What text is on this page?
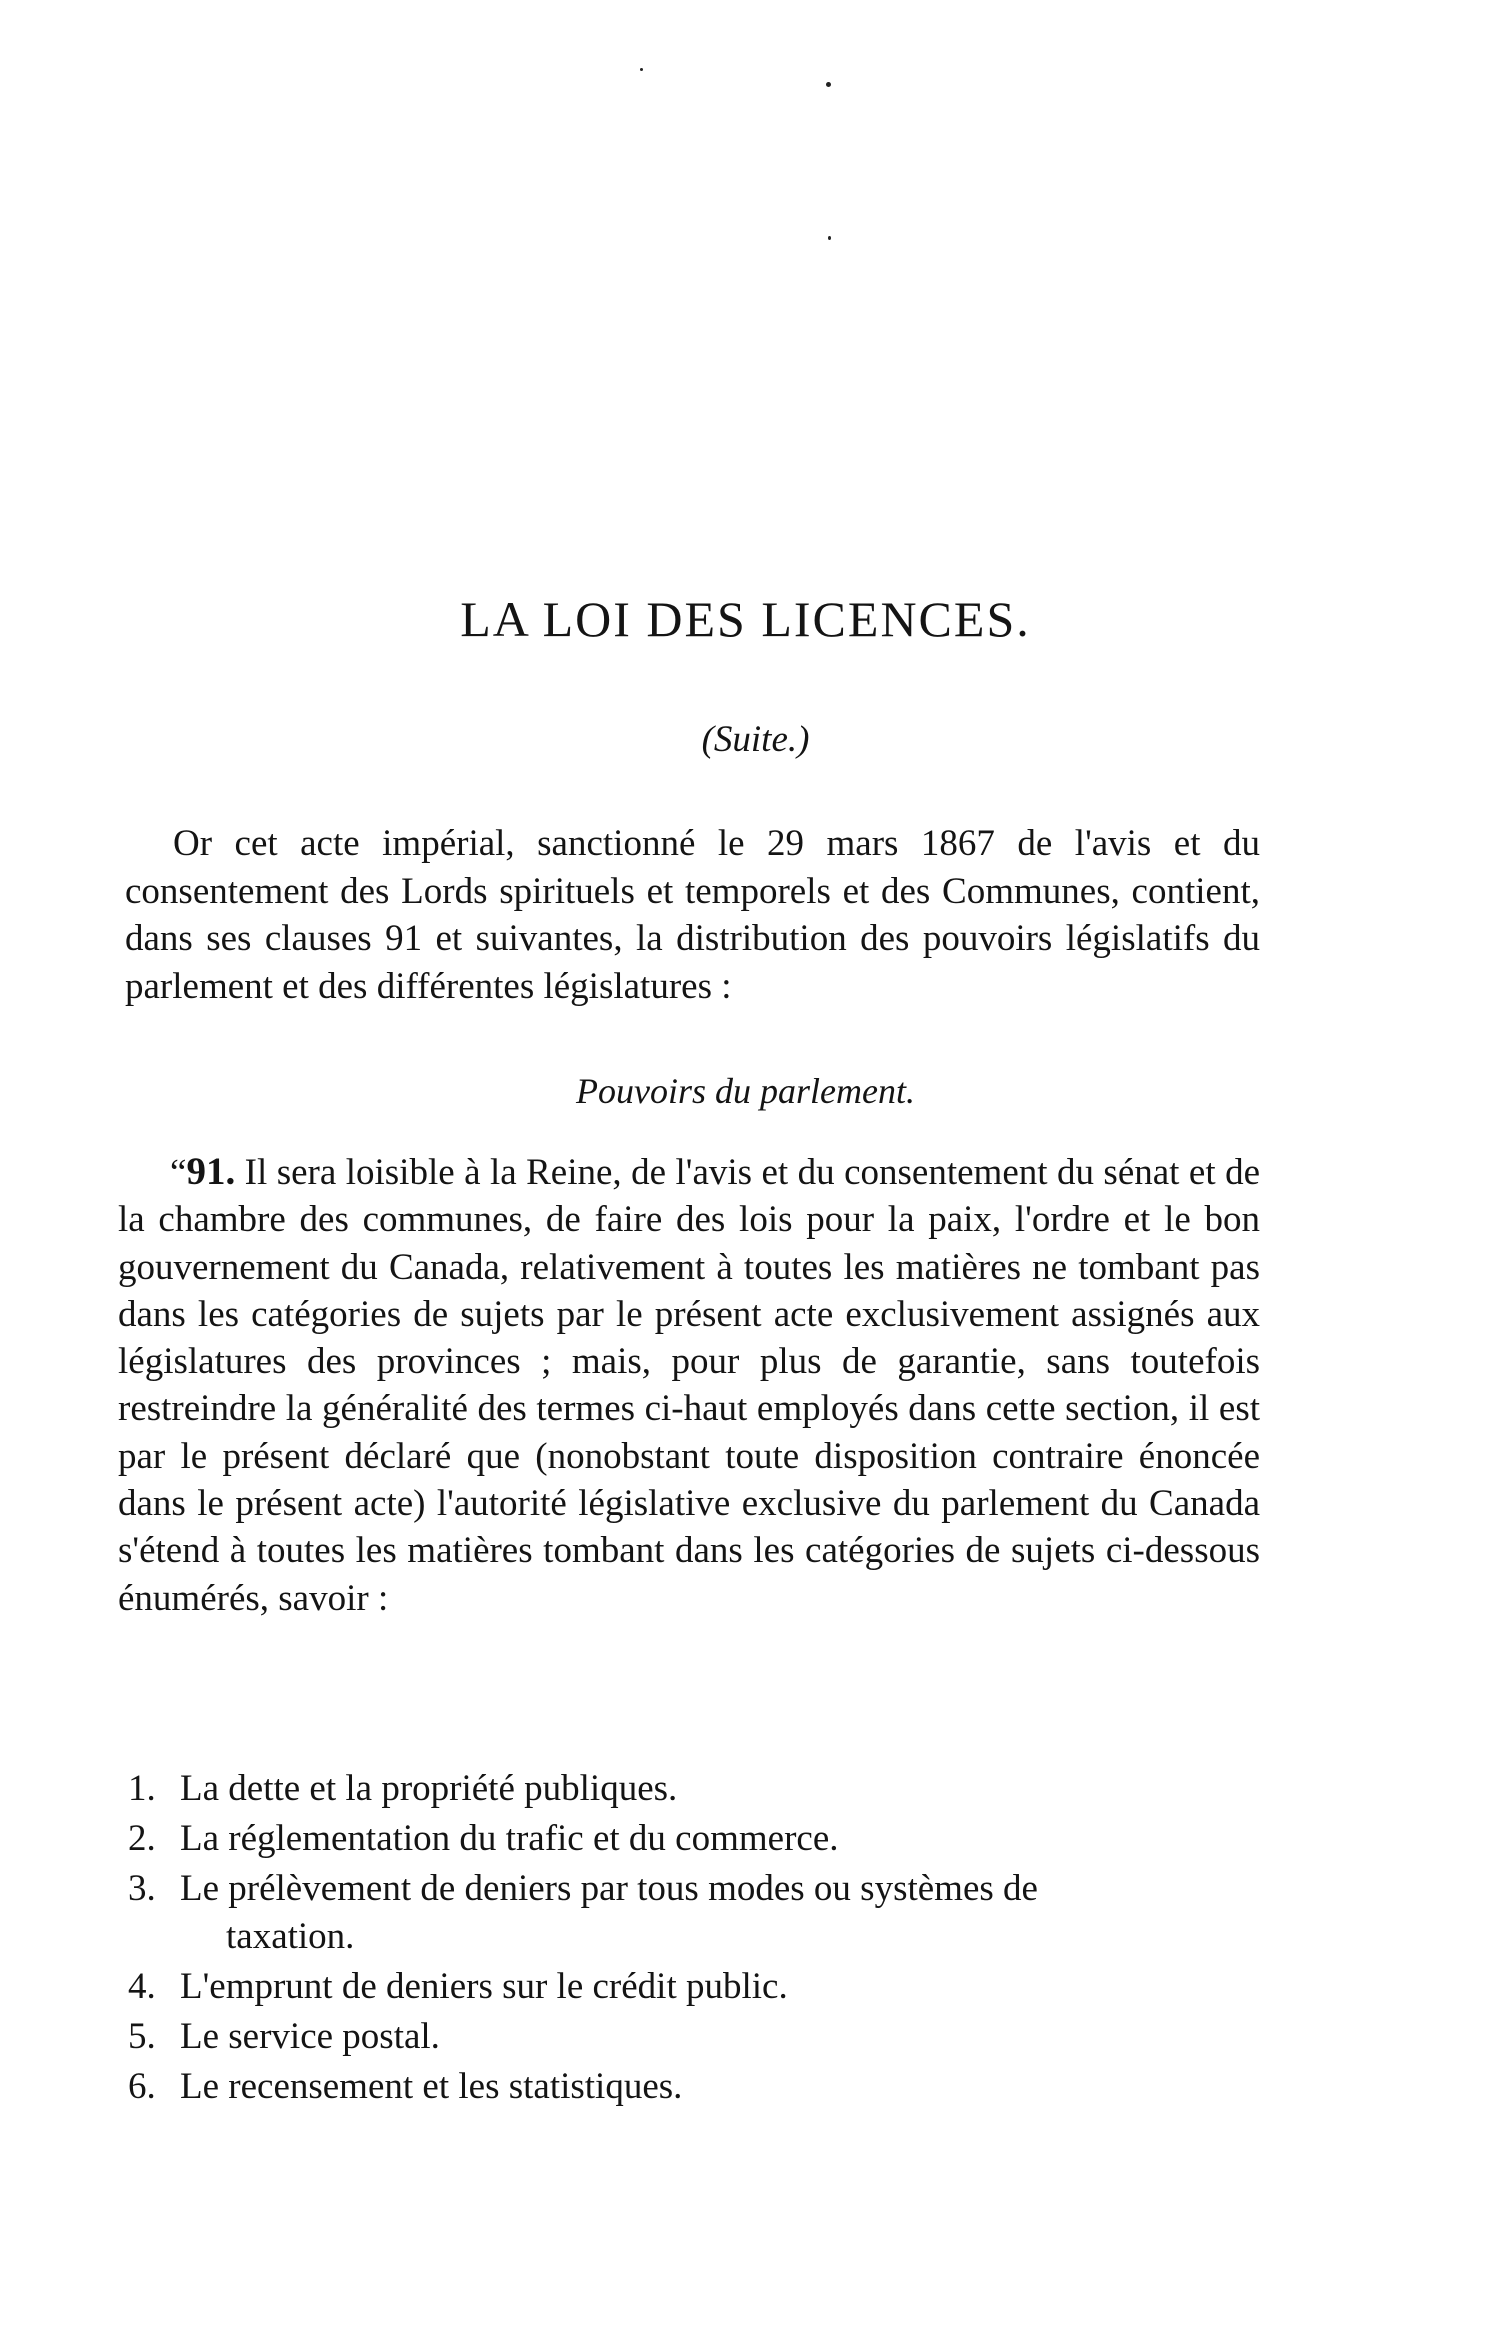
LA LOI DES LICENCES.
(Suite.)

Or cet acte impérial, sanctionné le 29 mars 1867 de l'avis et du consentement des Lords spirituels et temporels et des Communes, contient, dans ses clauses 91 et suivantes, la distribution des pouvoirs législatifs du parlement et des différentes législatures :

Pouvoirs du parlement.

“91. Il sera loisible à la Reine, de l'avis et du consentement du sénat et de la chambre des communes, de faire des lois pour la paix, l'ordre et le bon gouvernement du Canada, relativement à toutes les matières ne tombant pas dans les catégories de sujets par le présent acte exclusivement assignés aux législatures des provinces ; mais, pour plus de garantie, sans toutefois restreindre la généralité des termes ci-haut employés dans cette section, il est par le présent déclaré que (nonobstant toute disposition contraire énoncée dans le présent acte) l'autorité législative exclusive du parlement du Canada s'étend à toutes les matières tombant dans les catégories de sujets ci-dessous énumérés, savoir :

1. La dette et la propriété publiques.
2. La réglementation du trafic et du commerce.
3. Le prélèvement de deniers par tous modes ou systèmes de
taxation.
4. L'emprunt de deniers sur le crédit public.
5. Le service postal.
6. Le recensement et les statistiques.
